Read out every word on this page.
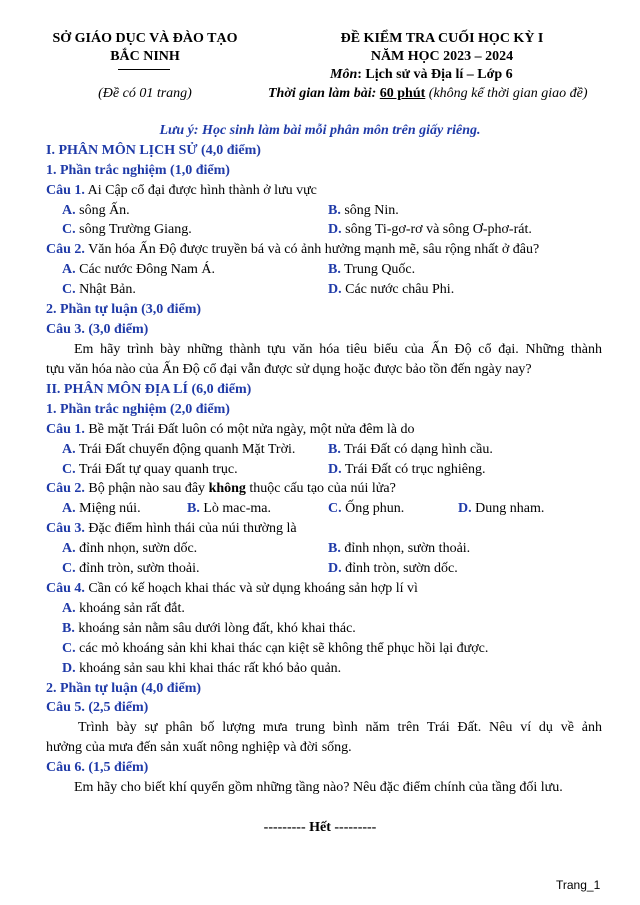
SỞ GIÁO DỤC VÀ ĐÀO TẠO
BẮC NINH
(Đề có 01 trang)
ĐỀ KIỂM TRA CUỐI HỌC KỲ I
NĂM HỌC 2023 – 2024
Môn: Lịch sử và Địa lí – Lớp 6
Thời gian làm bài: 60 phút (không kể thời gian giao đề)
Lưu ý: Học sinh làm bài mỗi phân môn trên giấy riêng.
I. PHÂN MÔN LỊCH SỬ (4,0 điểm)
1. Phần trắc nghiệm (1,0 điểm)
Câu 1. Ai Cập cổ đại được hình thành ở lưu vực
A. sông Ấn.	B. sông Nin.
C. sông Trường Giang.	D. sông Ti-gơ-rơ và sông Ơ-phơ-rát.
Câu 2. Văn hóa Ấn Độ được truyền bá và có ảnh hưởng mạnh mẽ, sâu rộng nhất ở đâu?
A. Các nước Đông Nam Á.	B. Trung Quốc.
C. Nhật Bản.	D. Các nước châu Phi.
2. Phần tự luận (3,0 điểm)
Câu 3. (3,0 điểm)
Em hãy trình bày những thành tựu văn hóa tiêu biểu của Ấn Độ cổ đại. Những thành
tựu văn hóa nào của Ấn Độ cổ đại vẫn được sử dụng hoặc được bảo tồn đến ngày nay?
II. PHÂN MÔN ĐỊA LÍ (6,0 điểm)
1. Phần trắc nghiệm (2,0 điểm)
Câu 1. Bề mặt Trái Đất luôn có một nửa ngày, một nửa đêm là do
A. Trái Đất chuyển động quanh Mặt Trời. B. Trái Đất có dạng hình cầu.
C. Trái Đất tự quay quanh trục.	D. Trái Đất có trục nghiêng.
Câu 2. Bộ phận nào sau đây không thuộc cấu tạo của núi lửa?
A. Miệng núi.	B. Lò mac-ma.	C. Ống phun.	D. Dung nham.
Câu 3. Đặc điểm hình thái của núi thường là
A. đỉnh nhọn, sườn dốc.	B. đỉnh nhọn, sườn thoải.
C. đỉnh tròn, sườn thoải.	D. đỉnh tròn, sườn dốc.
Câu 4. Cần có kế hoạch khai thác và sử dụng khoáng sản hợp lí vì
A. khoáng sản rất đắt.
B. khoáng sản nằm sâu dưới lòng đất, khó khai thác.
C. các mỏ khoáng sản khi khai thác cạn kiệt sẽ không thể phục hồi lại được.
D. khoáng sản sau khi khai thác rất khó bảo quản.
2. Phần tự luận (4,0 điểm)
Câu 5. (2,5 điểm)
Trình bày sự phân bố lượng mưa trung bình năm trên Trái Đất. Nêu ví dụ về ảnh
hưởng của mưa đến sản xuất nông nghiệp và đời sống.
Câu 6. (1,5 điểm)
Em hãy cho biết khí quyển gồm những tầng nào? Nêu đặc điểm chính của tầng đối lưu.
--------- Hết ---------
Trang_1
